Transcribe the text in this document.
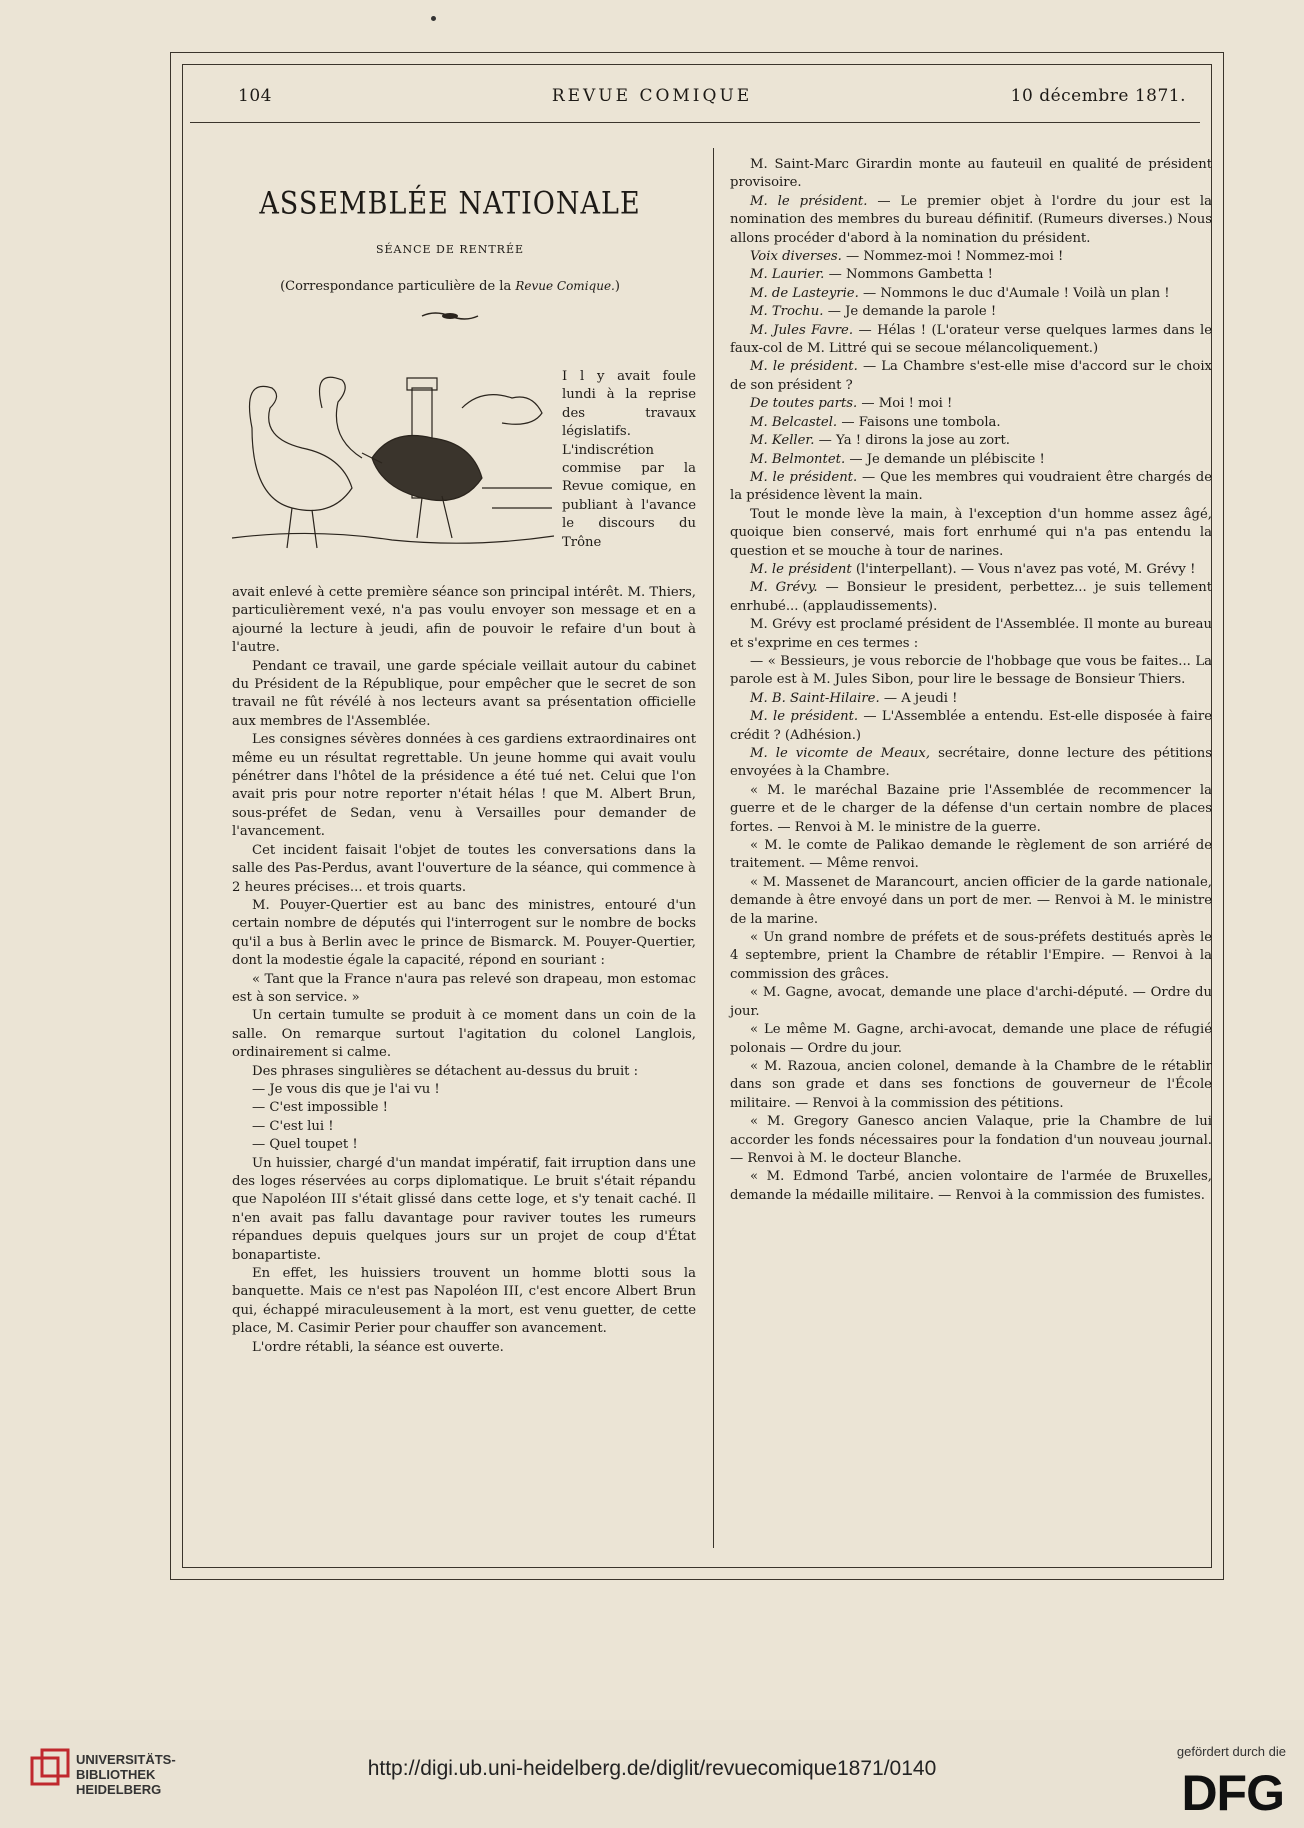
104	REVUE COMIQUE	10 décembre 1871.
ASSEMBLÉE NATIONALE
SÉANCE DE RENTRÉE
(Correspondance particulière de la Revue Comique.)

I l y avait foule lundi à la reprise des travaux législatifs. L'indiscrétion commise par la Revue comique, en publiant à l'avance le discours du Trône

avait enlevé à cette première séance son principal intérêt. M. Thiers, particulièrement vexé, n'a pas voulu envoyer son message et en a ajourné la lecture à jeudi, afin de pouvoir le refaire d'un bout à l'autre.

Pendant ce travail, une garde spéciale veillait autour du cabinet du Président de la République, pour empêcher que le secret de son travail ne fût révélé à nos lecteurs avant sa présentation officielle aux membres de l'Assemblée.

Les consignes sévères données à ces gardiens extraordinaires ont même eu un résultat regrettable. Un jeune homme qui avait voulu pénétrer dans l'hôtel de la présidence a été tué net. Celui que l'on avait pris pour notre reporter n'était hélas ! que M. Albert Brun, sous-préfet de Sedan, venu à Versailles pour demander de l'avancement.

Cet incident faisait l'objet de toutes les conversations dans la salle des Pas-Perdus, avant l'ouverture de la séance, qui commence à 2 heures précises... et trois quarts.

M. Pouyer-Quertier est au banc des ministres, entouré d'un certain nombre de députés qui l'interrogent sur le nombre de bocks qu'il a bus à Berlin avec le prince de Bismarck. M. Pouyer-Quertier, dont la modestie égale la capacité, répond en souriant :

« Tant que la France n'aura pas relevé son drapeau, mon estomac est à son service. »

Un certain tumulte se produit à ce moment dans un coin de la salle. On remarque surtout l'agitation du colonel Langlois, ordinairement si calme.

Des phrases singulières se détachent au-dessus du bruit :

— Je vous dis que je l'ai vu !

— C'est impossible !

— C'est lui !

— Quel toupet !

Un huissier, chargé d'un mandat impératif, fait irruption dans une des loges réservées au corps diplomatique. Le bruit s'était répandu que Napoléon III s'était glissé dans cette loge, et s'y tenait caché. Il n'en avait pas fallu davantage pour raviver toutes les rumeurs répandues depuis quelques jours sur un projet de coup d'État bonapartiste.

En effet, les huissiers trouvent un homme blotti sous la banquette. Mais ce n'est pas Napoléon III, c'est encore Albert Brun qui, échappé miraculeusement à la mort, est venu guetter, de cette place, M. Casimir Perier pour chauffer son avancement.

L'ordre rétabli, la séance est ouverte.

M. Saint-Marc Girardin monte au fauteuil en qualité de président provisoire.

M. le président. — Le premier objet à l'ordre du jour est la nomination des membres du bureau définitif. (Rumeurs diverses.) Nous allons procéder d'abord à la nomination du président.

Voix diverses. — Nommez-moi ! Nommez-moi !

M. Laurier. — Nommons Gambetta !

M. de Lasteyrie. — Nommons le duc d'Aumale ! Voilà un plan !

M. Trochu. — Je demande la parole !

M. Jules Favre. — Hélas ! (L'orateur verse quelques larmes dans le faux-col de M. Littré qui se secoue mélancoliquement.)

M. le président. — La Chambre s'est-elle mise d'accord sur le choix de son président ?

De toutes parts. — Moi ! moi !

M. Belcastel. — Faisons une tombola.

M. Keller. — Ya ! dirons la jose au zort.

M. Belmontet. — Je demande un plébiscite !

M. le président. — Que les membres qui voudraient être chargés de la présidence lèvent la main.

Tout le monde lève la main, à l'exception d'un homme assez âgé, quoique bien conservé, mais fort enrhumé qui n'a pas entendu la question et se mouche à tour de narines.

M. le président (l'interpellant). — Vous n'avez pas voté, M. Grévy !

M. Grévy. — Bonsieur le president, perbettez... je suis tellement enrhubé... (applaudissements).

M. Grévy est proclamé président de l'Assemblée. Il monte au bureau et s'exprime en ces termes :

— « Bessieurs, je vous reborcie de l'hobbage que vous be faites... La parole est à M. Jules Sibon, pour lire le bessage de Bonsieur Thiers.

M. B. Saint-Hilaire. — A jeudi !

M. le président. — L'Assemblée a entendu. Est-elle disposée à faire crédit ? (Adhésion.)

M. le vicomte de Meaux, secrétaire, donne lecture des pétitions envoyées à la Chambre.

« M. le maréchal Bazaine prie l'Assemblée de recommencer la guerre et de le charger de la défense d'un certain nombre de places fortes. — Renvoi à M. le ministre de la guerre.

« M. le comte de Palikao demande le règlement de son arriéré de traitement. — Même renvoi.

« M. Massenet de Marancourt, ancien officier de la garde nationale, demande à être envoyé dans un port de mer. — Renvoi à M. le ministre de la marine.

« Un grand nombre de préfets et de sous-préfets destitués après le 4 septembre, prient la Chambre de rétablir l'Empire. — Renvoi à la commission des grâces.

« M. Gagne, avocat, demande une place d'archi-député. — Ordre du jour.

« Le même M. Gagne, archi-avocat, demande une place de réfugié polonais — Ordre du jour.

« M. Razoua, ancien colonel, demande à la Chambre de le rétablir dans son grade et dans ses fonctions de gouverneur de l'École militaire. — Renvoi à la commission des pétitions.

« M. Gregory Ganesco ancien Valaque, prie la Chambre de lui accorder les fonds nécessaires pour la fondation d'un nouveau journal. — Renvoi à M. le docteur Blanche.

« M. Edmond Tarbé, ancien volontaire de l'armée de Bruxelles, demande la médaille militaire. — Renvoi à la commission des fumistes.

UNIVERSITÄTS-
BIBLIOTHEK
HEIDELBERG
http://digi.ub.uni-heidelberg.de/diglit/revuecomique1871/0140
gefördert durch die
DFG
